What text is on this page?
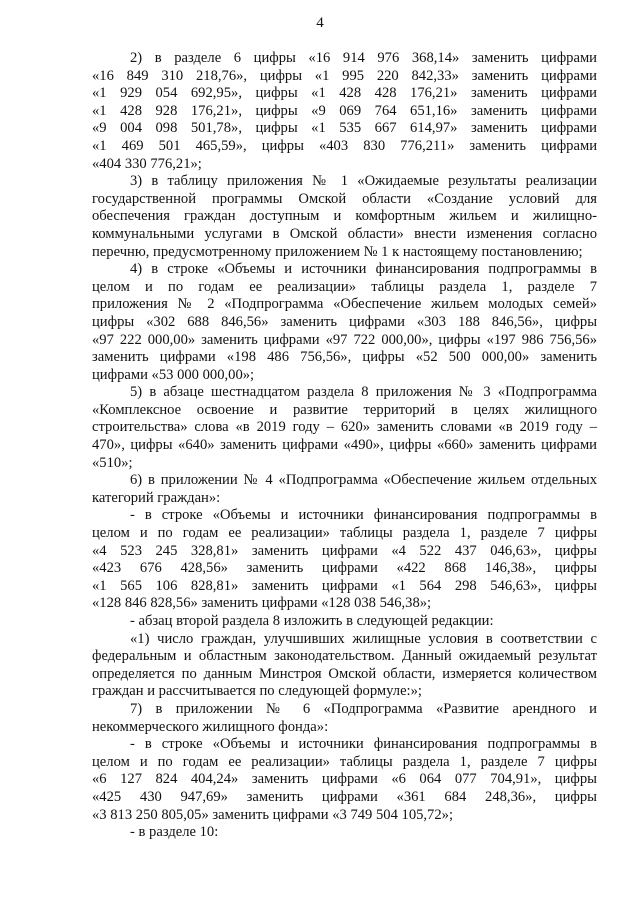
4
2) в разделе 6 цифры «16 914 976 368,14» заменить цифрами
«16 849 310 218,76», цифры «1 995 220 842,33» заменить цифрами
«1 929 054 692,95», цифры «1 428 428 176,21» заменить цифрами
«1 428 928 176,21», цифры «9 069 764 651,16» заменить цифрами
«9 004 098 501,78», цифры «1 535 667 614,97» заменить цифрами
«1 469 501 465,59», цифры «403 830 776,211» заменить цифрами
«404 330 776,21»;
3) в таблицу приложения № 1 «Ожидаемые результаты реализации
государственной программы Омской области «Создание условий для
обеспечения граждан доступным и комфортным жильем и жилищно-
коммунальными услугами в Омской области» внести изменения согласно
перечню, предусмотренному приложением № 1 к настоящему постановлению;
4) в строке «Объемы и источники финансирования подпрограммы в
целом и по годам ее реализации» таблицы раздела 1, разделе 7
приложения № 2 «Подпрограмма «Обеспечение жильем молодых семей»
цифры «302 688 846,56» заменить цифрами «303 188 846,56», цифры
«97 222 000,00» заменить цифрами «97 722 000,00», цифры «197 986 756,56»
заменить цифрами «198 486 756,56», цифры «52 500 000,00» заменить
цифрами «53 000 000,00»;
5) в абзаце шестнадцатом раздела 8 приложения № 3 «Подпрограмма
«Комплексное освоение и развитие территорий в целях жилищного
строительства» слова «в 2019 году – 620» заменить словами «в 2019 году –
470», цифры «640» заменить цифрами «490», цифры «660» заменить цифрами
«510»;
6) в приложении № 4 «Подпрограмма «Обеспечение жильем отдельных
категорий граждан»:
- в строке «Объемы и источники финансирования подпрограммы в
целом и по годам ее реализации» таблицы раздела 1, разделе 7 цифры
«4 523 245 328,81» заменить цифрами «4 522 437 046,63», цифры
«423 676 428,56» заменить цифрами «422 868 146,38», цифры
«1 565 106 828,81» заменить цифрами «1 564 298 546,63», цифры
«128 846 828,56» заменить цифрами «128 038 546,38»;
- абзац второй раздела 8 изложить в следующей редакции:
«1) число граждан, улучшивших жилищные условия в соответствии с
федеральным и областным законодательством. Данный ожидаемый результат
определяется по данным Минстроя Омской области, измеряется количеством
граждан и рассчитывается по следующей формуле:»;
7) в приложении № 6 «Подпрограмма «Развитие арендного и
некоммерческого жилищного фонда»:
- в строке «Объемы и источники финансирования подпрограммы в
целом и по годам ее реализации» таблицы раздела 1, разделе 7 цифры
«6 127 824 404,24» заменить цифрами «6 064 077 704,91», цифры
«425 430 947,69» заменить цифрами «361 684 248,36», цифры
«3 813 250 805,05» заменить цифрами «3 749 504 105,72»;
- в разделе 10:
